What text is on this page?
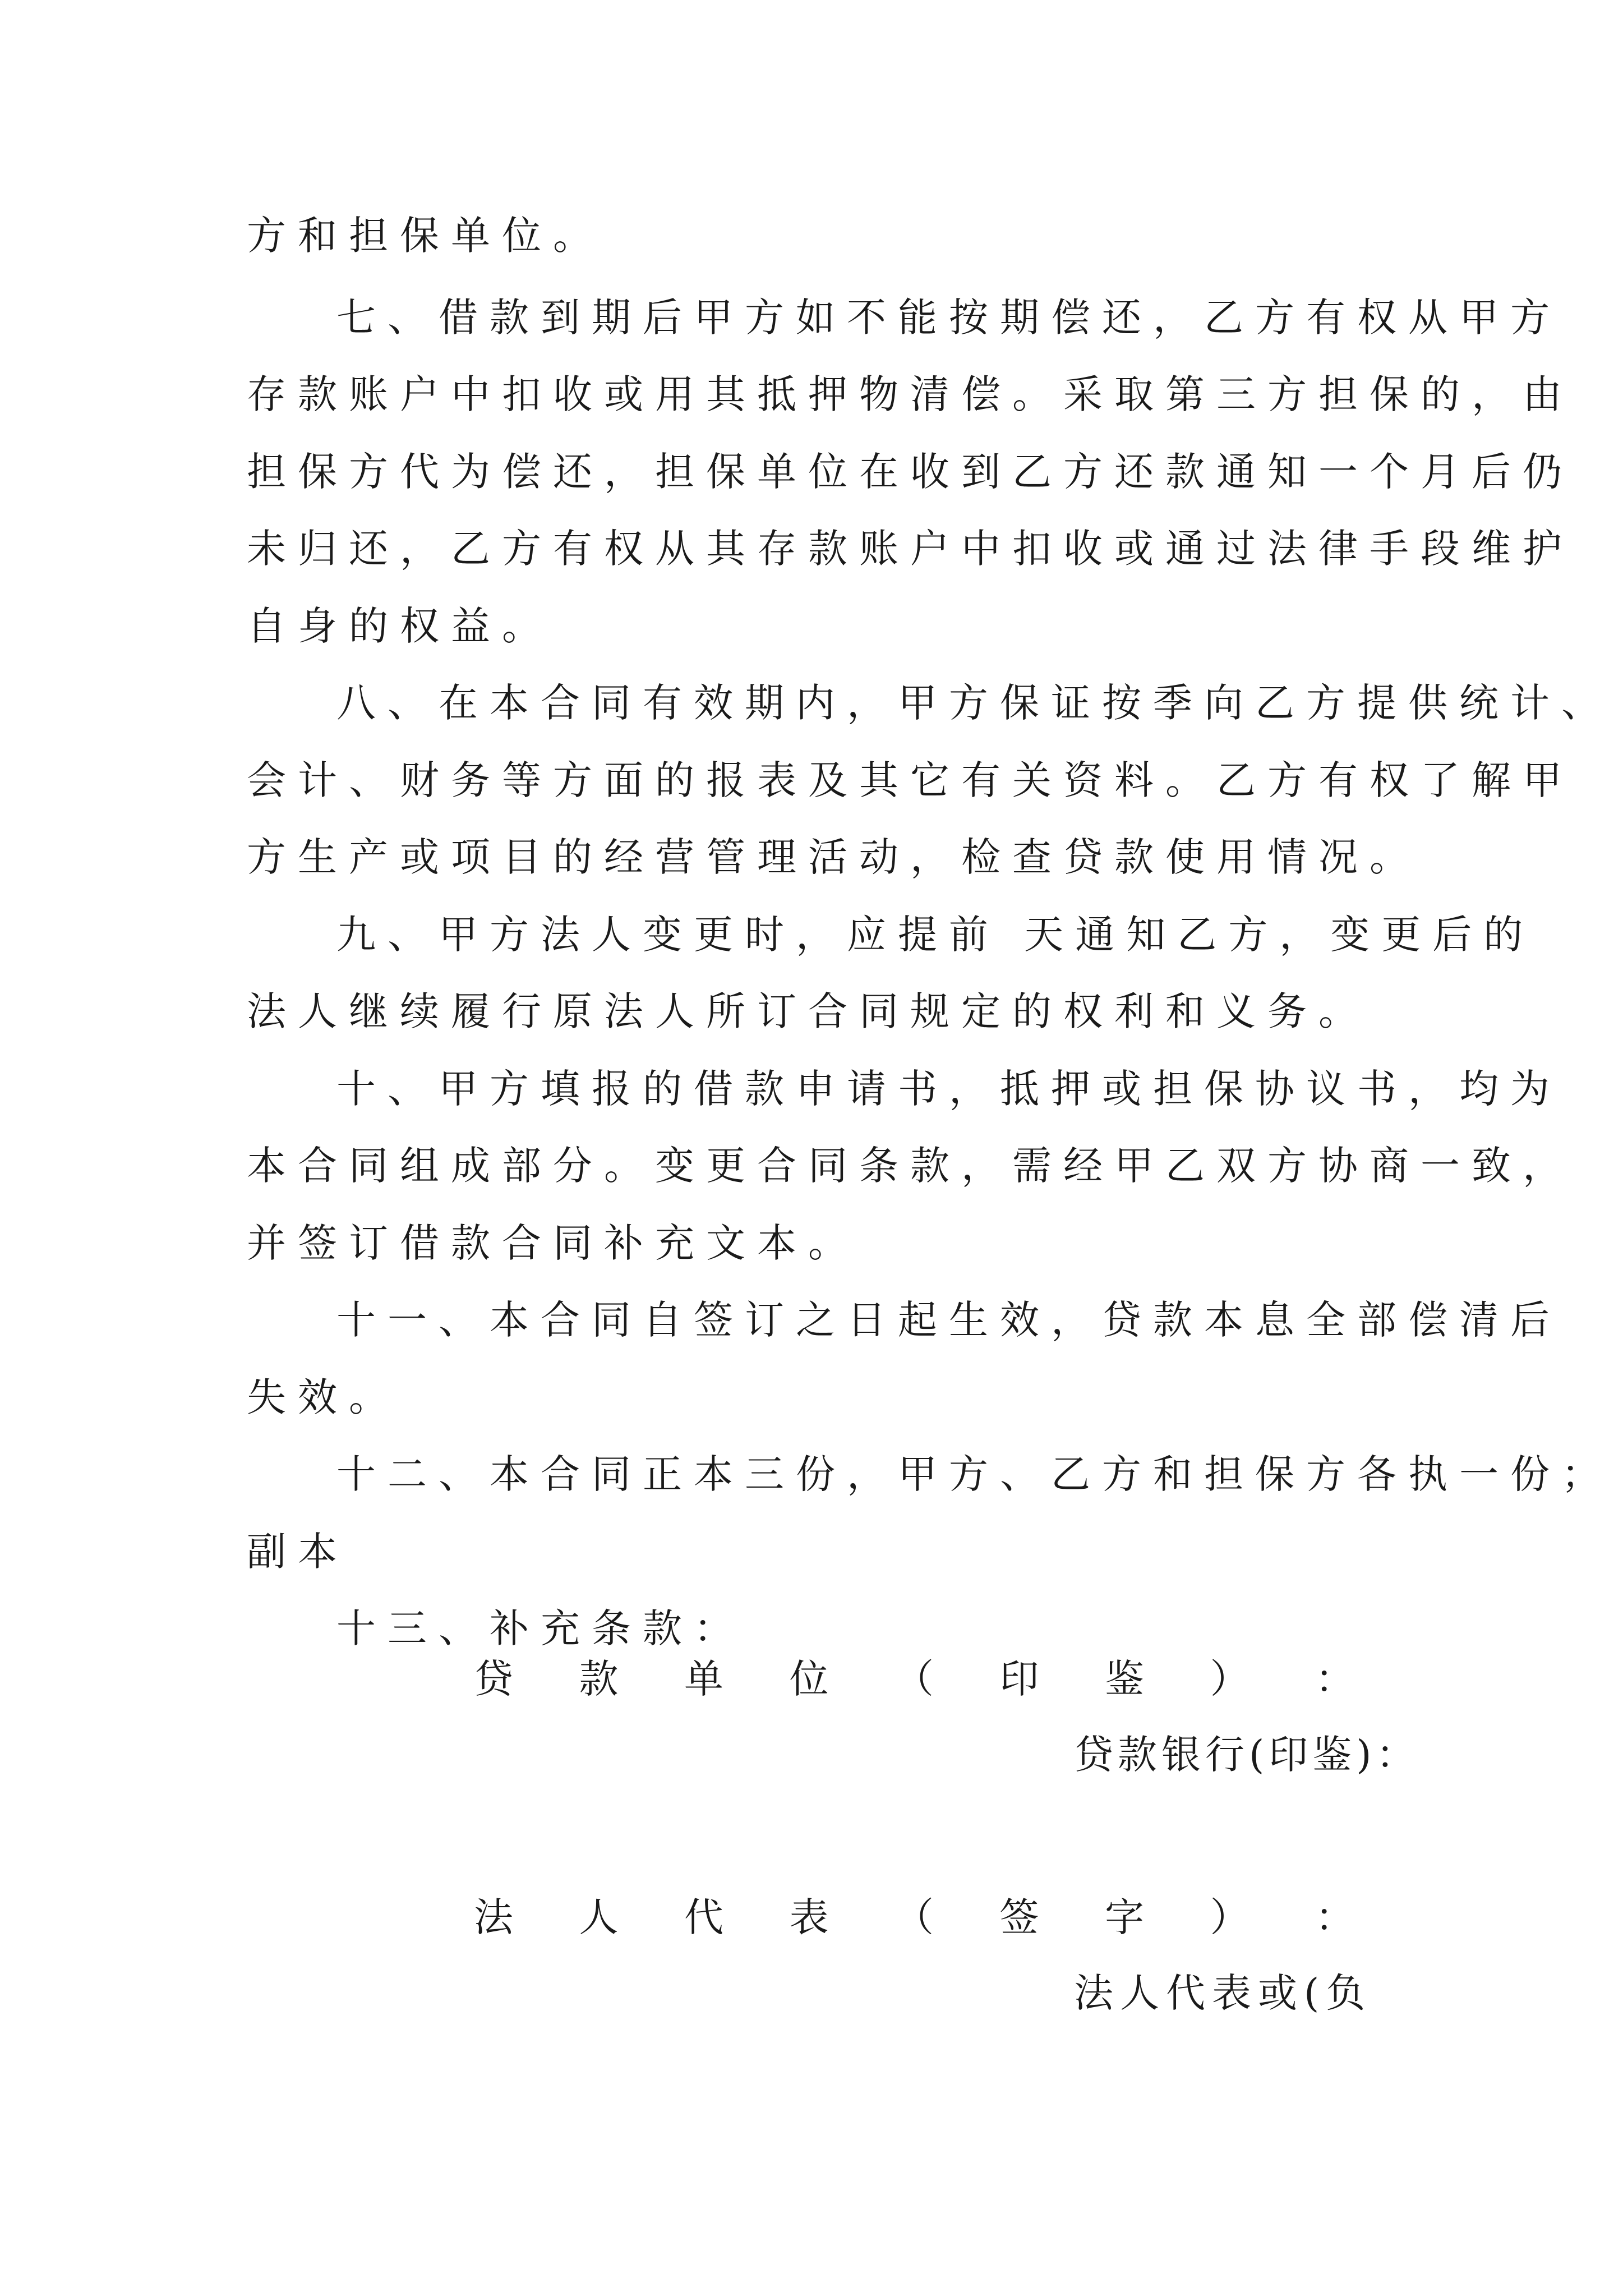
方和担保单位。
七、借款到期后甲方如不能按期偿还，乙方有权从甲方
存款账户中扣收或用其抵押物清偿。采取第三方担保的，由
担保方代为偿还，担保单位在收到乙方还款通知一个月后仍
未归还，乙方有权从其存款账户中扣收或通过法律手段维护
自身的权益。
八、在本合同有效期内，甲方保证按季向乙方提供统计、
会计、财务等方面的报表及其它有关资料。乙方有权了解甲
方生产或项目的经营管理活动，检查贷款使用情况。
九、甲方法人变更时，应提前 天通知乙方，变更后的
法人继续履行原法人所订合同规定的权利和义务。
十、甲方填报的借款申请书，抵押或担保协议书，均为
本合同组成部分。变更合同条款，需经甲乙双方协商一致，
并签订借款合同补充文本。
十一、本合同自签订之日起生效，贷款本息全部偿清后
失效。
十二、本合同正本三份，甲方、乙方和担保方各执一份；
副本
十三、补充条款：
贷 款 单 位 （ 印 鉴 ） ：
贷款银行(印鉴)：
法 人 代 表 （ 签 字 ） ：
法人代表或(负
